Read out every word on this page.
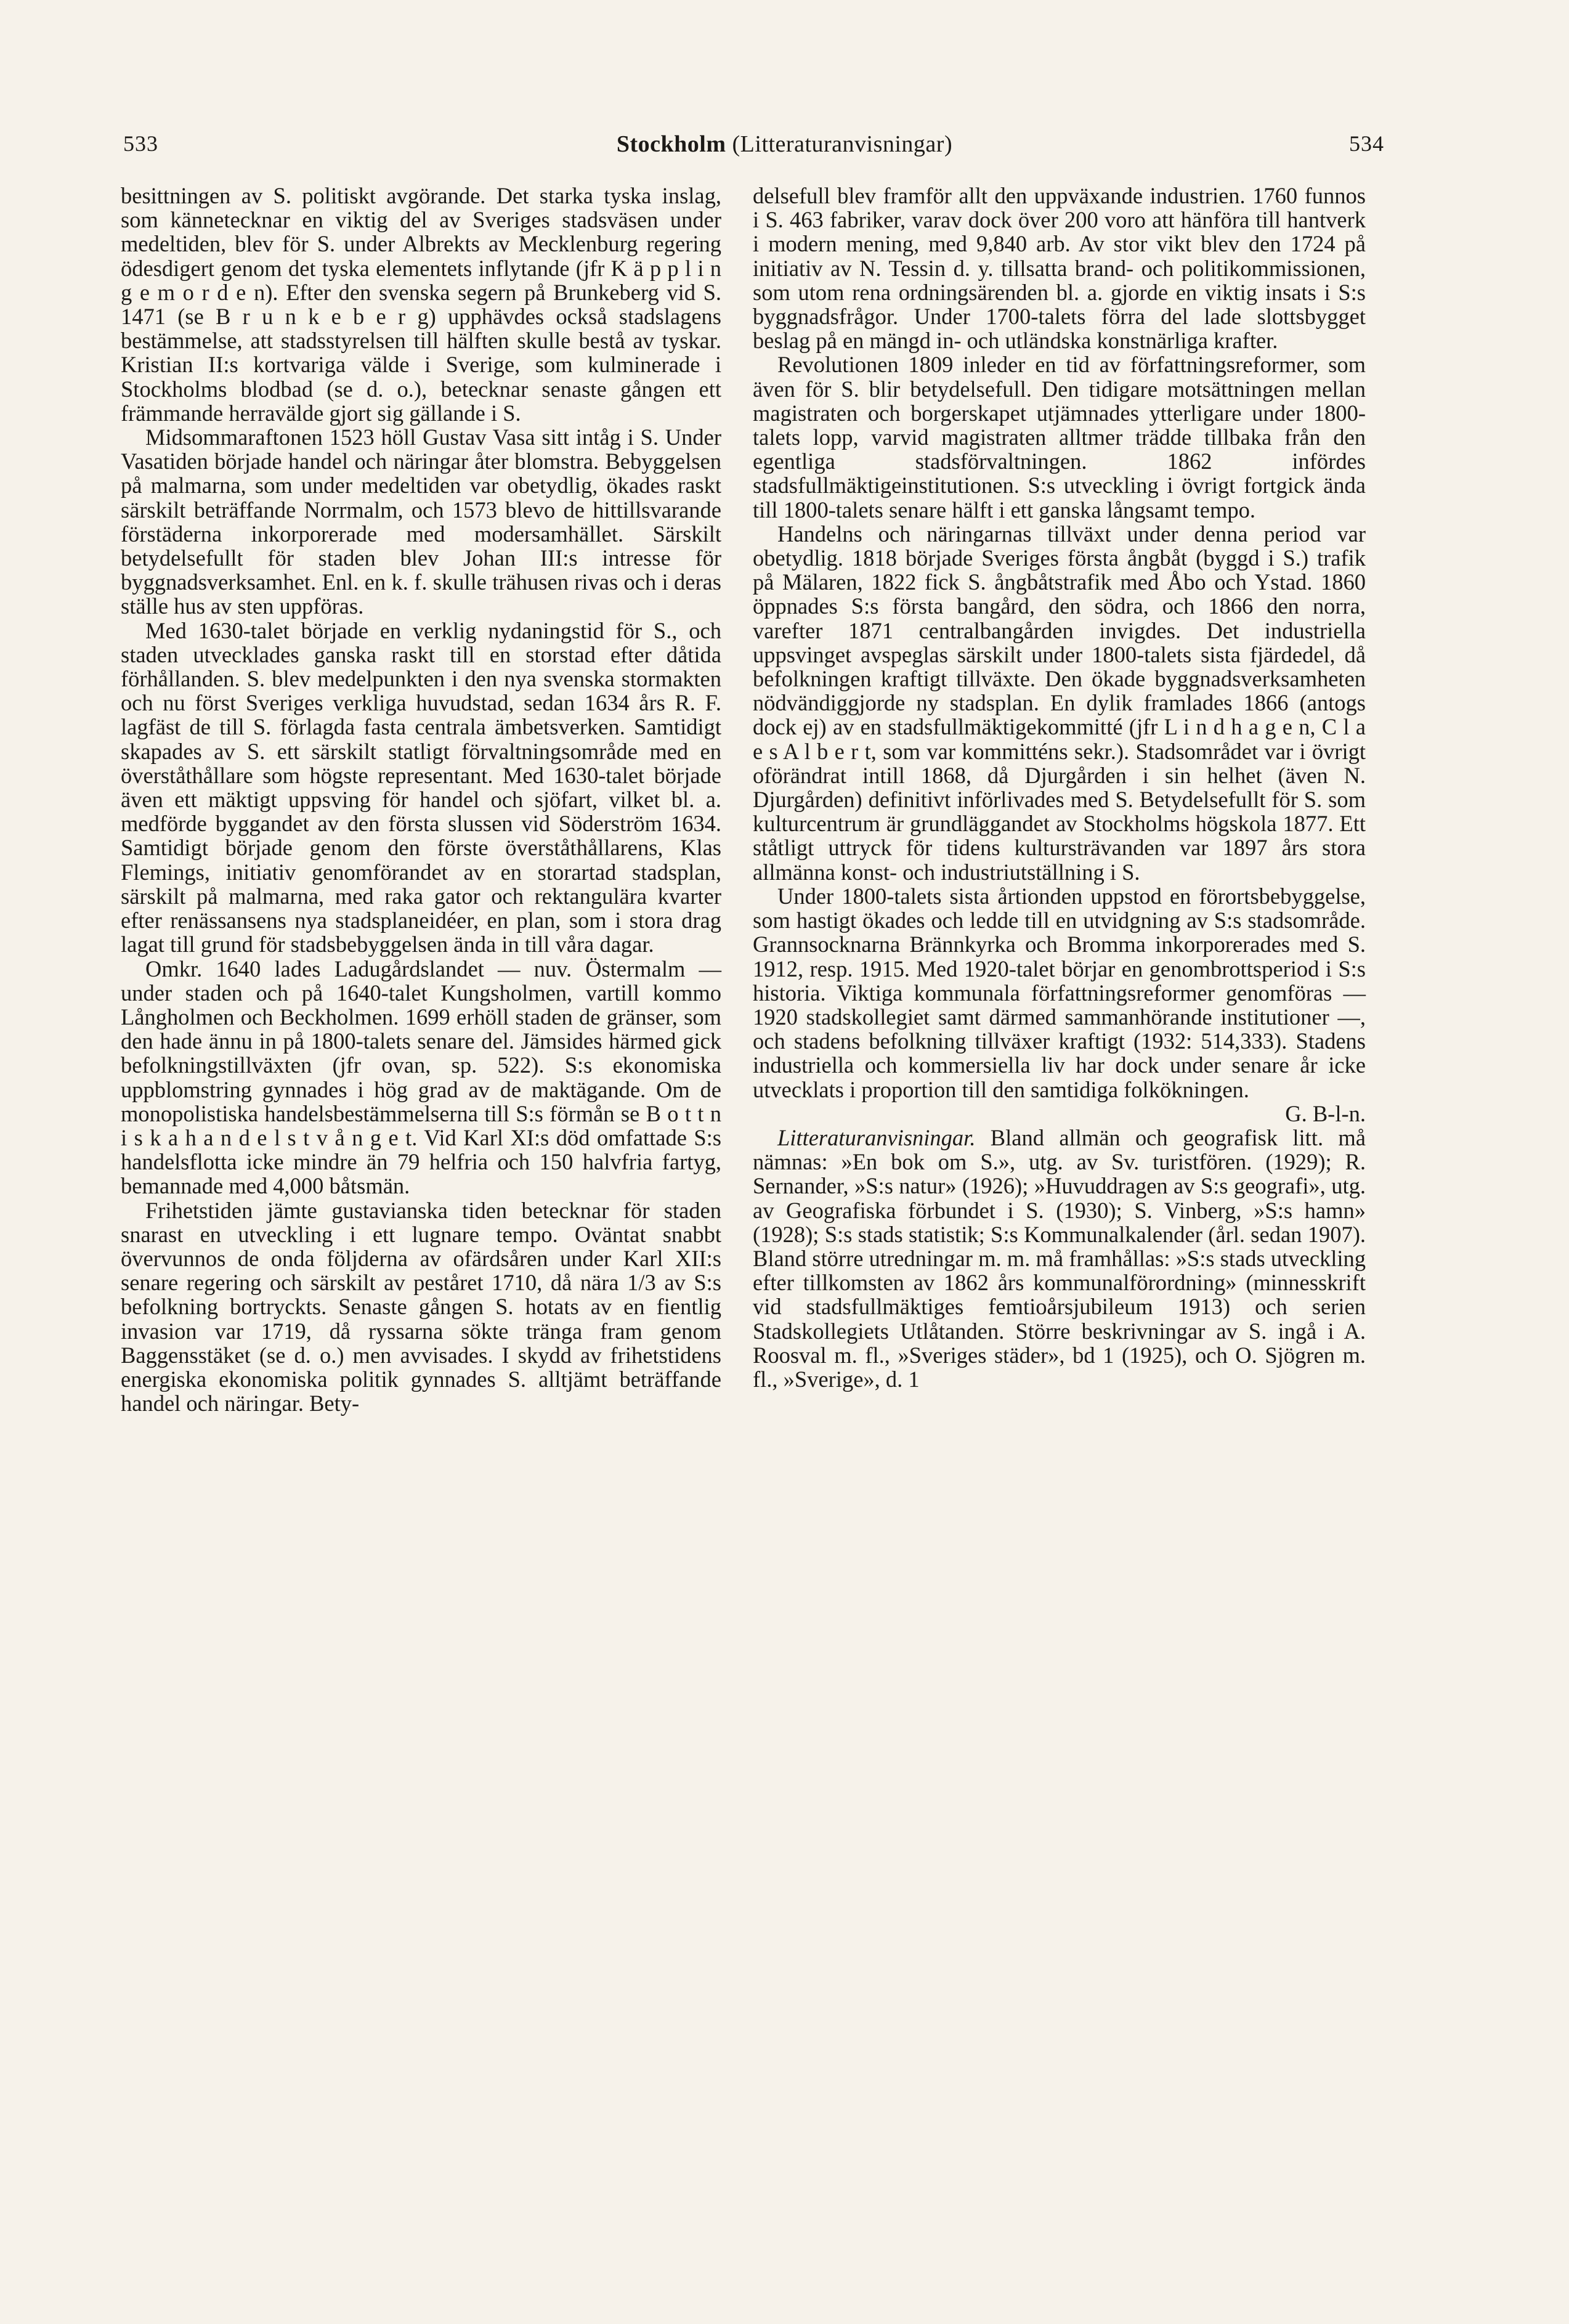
533	Stockholm (Litteraturanvisningar)	534

besittningen av S. politiskt avgörande. Det starka tyska inslag, som kännetecknar en viktig del av Sveriges stadsväsen under medeltiden, blev för S. under Albrekts av Mecklenburg regering ödesdigert genom det tyska elementets inflytande (jfr K ä p p l i n g e m o r d e n). Efter den svenska segern på Brunkeberg vid S. 1471 (se B r u n k e b e r g) upphävdes också stadslagens bestämmelse, att stadsstyrelsen till hälften skulle bestå av tyskar. Kristian II:s kortvariga välde i Sverige, som kulminerade i Stockholms blodbad (se d. o.), betecknar senaste gången ett främmande herravälde gjort sig gällande i S.

Midsommaraftonen 1523 höll Gustav Vasa sitt intåg i S. Under Vasatiden började handel och näringar åter blomstra. Bebyggelsen på malmarna, som under medeltiden var obetydlig, ökades raskt särskilt beträffande Norrmalm, och 1573 blevo de hittillsvarande förstäderna inkorporerade med modersamhället. Särskilt betydelsefullt för staden blev Johan III:s intresse för byggnadsverksamhet. Enl. en k. f. skulle trähusen rivas och i deras ställe hus av sten uppföras.

Med 1630-talet började en verklig nydaningstid för S., och staden utvecklades ganska raskt till en storstad efter dåtida förhållanden. S. blev medelpunkten i den nya svenska stormakten och nu först Sveriges verkliga huvudstad, sedan 1634 års R. F. lagfäst de till S. förlagda fasta centrala ämbetsverken. Samtidigt skapades av S. ett särskilt statligt förvaltningsområde med en överståthållare som högste representant. Med 1630-talet började även ett mäktigt uppsving för handel och sjöfart, vilket bl. a. medförde byggandet av den första slussen vid Söderström 1634. Samtidigt började genom den förste överståthållarens, Klas Flemings, initiativ genomförandet av en storartad stadsplan, särskilt på malmarna, med raka gator och rektangulära kvarter efter renässansens nya stadsplaneidéer, en plan, som i stora drag lagat till grund för stadsbebyggelsen ända in till våra dagar.

Omkr. 1640 lades Ladugårdslandet — nuv. Östermalm — under staden och på 1640-talet Kungsholmen, vartill kommo Långholmen och Beckholmen. 1699 erhöll staden de gränser, som den hade ännu in på 1800-talets senare del. Jämsides härmed gick befolkningstillväxten (jfr ovan, sp. 522). S:s ekonomiska uppblomstring gynnades i hög grad av de maktägande. Om de monopolistiska handelsbestämmelserna till S:s förmån se B o t t n i s k a h a n d e l s t v å n g e t. Vid Karl XI:s död omfattade S:s handelsflotta icke mindre än 79 helfria och 150 halvfria fartyg, bemannade med 4,000 båtsmän.

Frihetstiden jämte gustavianska tiden betecknar för staden snarast en utveckling i ett lugnare tempo. Oväntat snabbt övervunnos de onda följderna av ofärdsåren under Karl XII:s senare regering och särskilt av peståret 1710, då nära 1/3 av S:s befolkning bortryckts. Senaste gången S. hotats av en fientlig invasion var 1719, då ryssarna sökte tränga fram genom Baggensstäket (se d. o.) men avvisades. I skydd av frihetstidens energiska ekonomiska politik gynnades S. alltjämt beträffande handel och näringar. Bety-

delsefull blev framför allt den uppväxande industrien. 1760 funnos i S. 463 fabriker, varav dock över 200 voro att hänföra till hantverk i modern mening, med 9,840 arb. Av stor vikt blev den 1724 på initiativ av N. Tessin d. y. tillsatta brand- och politikommissionen, som utom rena ordningsärenden bl. a. gjorde en viktig insats i S:s byggnadsfrågor. Under 1700-talets förra del lade slottsbygget beslag på en mängd in- och utländska konstnärliga krafter.

Revolutionen 1809 inleder en tid av författningsreformer, som även för S. blir betydelsefull. Den tidigare motsättningen mellan magistraten och borgerskapet utjämnades ytterligare under 1800-talets lopp, varvid magistraten alltmer trädde tillbaka från den egentliga stadsförvaltningen. 1862 infördes stadsfullmäktigeinstitutionen. S:s utveckling i övrigt fortgick ända till 1800-talets senare hälft i ett ganska långsamt tempo.

Handelns och näringarnas tillväxt under denna period var obetydlig. 1818 började Sveriges första ångbåt (byggd i S.) trafik på Mälaren, 1822 fick S. ångbåtstrafik med Åbo och Ystad. 1860 öppnades S:s första bangård, den södra, och 1866 den norra, varefter 1871 centralbangården invigdes. Det industriella uppsvinget avspeglas särskilt under 1800-talets sista fjärdedel, då befolkningen kraftigt tillväxte. Den ökade byggnadsverksamheten nödvändiggjorde ny stadsplan. En dylik framlades 1866 (antogs dock ej) av en stadsfullmäktigekommitté (jfr L i n d h a g e n, C l a e s A l b e r t, som var kommitténs sekr.). Stadsområdet var i övrigt oförändrat intill 1868, då Djurgården i sin helhet (även N. Djurgården) definitivt införlivades med S. Betydelsefullt för S. som kulturcentrum är grundläggandet av Stockholms högskola 1877. Ett ståtligt uttryck för tidens kultursträvanden var 1897 års stora allmänna konst- och industriutställning i S.

Under 1800-talets sista årtionden uppstod en förortsbebyggelse, som hastigt ökades och ledde till en utvidgning av S:s stadsområde. Grannsocknarna Brännkyrka och Bromma inkorporerades med S. 1912, resp. 1915. Med 1920-talet börjar en genombrottsperiod i S:s historia. Viktiga kommunala författningsreformer genomföras — 1920 stadskollegiet samt därmed sammanhörande institutioner —, och stadens befolkning tillväxer kraftigt (1932: 514,333). Stadens industriella och kommersiella liv har dock under senare år icke utvecklats i proportion till den samtidiga folkökningen.

G. B-l-n.

Litteraturanvisningar. Bland allmän och geografisk litt. må nämnas: »En bok om S.», utg. av Sv. turistfören. (1929); R. Sernander, »S:s natur» (1926); »Huvuddragen av S:s geografi», utg. av Geografiska förbundet i S. (1930); S. Vinberg, »S:s hamn» (1928); S:s stads statistik; S:s Kommunalkalender (årl. sedan 1907). Bland större utredningar m. m. må framhållas: »S:s stads utveckling efter tillkomsten av 1862 års kommunalförordning» (minnesskrift vid stadsfullmäktiges femtioårsjubileum 1913) och serien Stadskollegiets Utlåtanden. Större beskrivningar av S. ingå i A. Roosval m. fl., »Sveriges städer», bd 1 (1925), och O. Sjögren m. fl., »Sverige», d. 1
